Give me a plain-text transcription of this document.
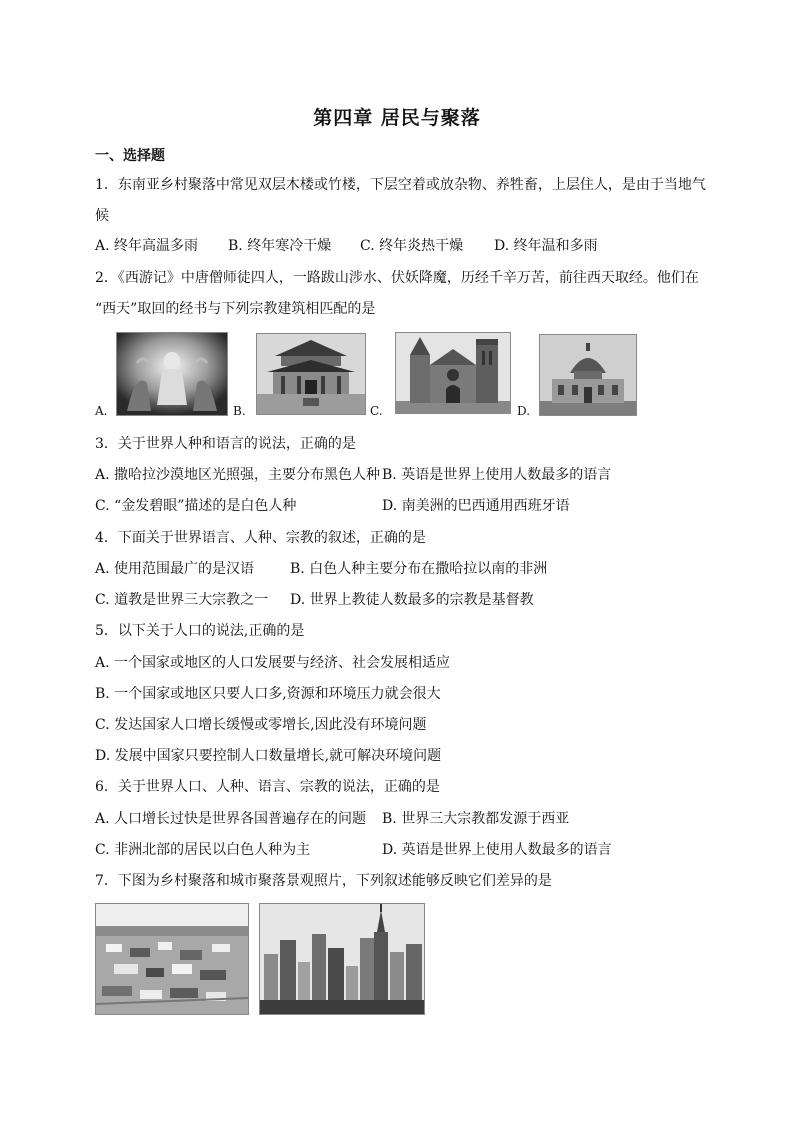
第四章 居民与聚落
一、选择题
1．东南亚乡村聚落中常见双层木楼或竹楼，下层空着或放杂物、养牲畜，上层住人，是由于当地气
候
A. 终年高温多雨 B. 终年寒冷干燥 C. 终年炎热干燥 D. 终年温和多雨
2．《西游记》中唐僧师徒四人，一路跋山涉水、伏妖降魔，历经千辛万苦，前往西天取经。他们在
“西天”取回的经书与下列宗教建筑相匹配的是
A.	B.	C.	D.
3．关于世界人种和语言的说法，正确的是
A. 撒哈拉沙漠地区光照强，主要分布黑色人种 B. 英语是世界上使用人数最多的语言
C. “金发碧眼”描述的是白色人种	D. 南美洲的巴西通用西班牙语
4．下面关于世界语言、人种、宗教的叙述，正确的是
A. 使用范围最广的是汉语	B. 白色人种主要分布在撒哈拉以南的非洲
C. 道教是世界三大宗教之一 D. 世界上教徒人数最多的宗教是基督教
5．以下关于人口的说法,正确的是
A. 一个国家或地区的人口发展要与经济、社会发展相适应
B. 一个国家或地区只要人口多,资源和环境压力就会很大
C. 发达国家人口增长缓慢或零增长,因此没有环境问题
D. 发展中国家只要控制人口数量增长,就可解决环境问题
6．关于世界人口、人种、语言、宗教的说法，正确的是
A. 人口增长过快是世界各国普遍存在的问题 B. 世界三大宗教都发源于西亚
C. 非洲北部的居民以白色人种为主	D. 英语是世界上使用人数最多的语言
7．下图为乡村聚落和城市聚落景观照片，下列叙述能够反映它们差异的是
